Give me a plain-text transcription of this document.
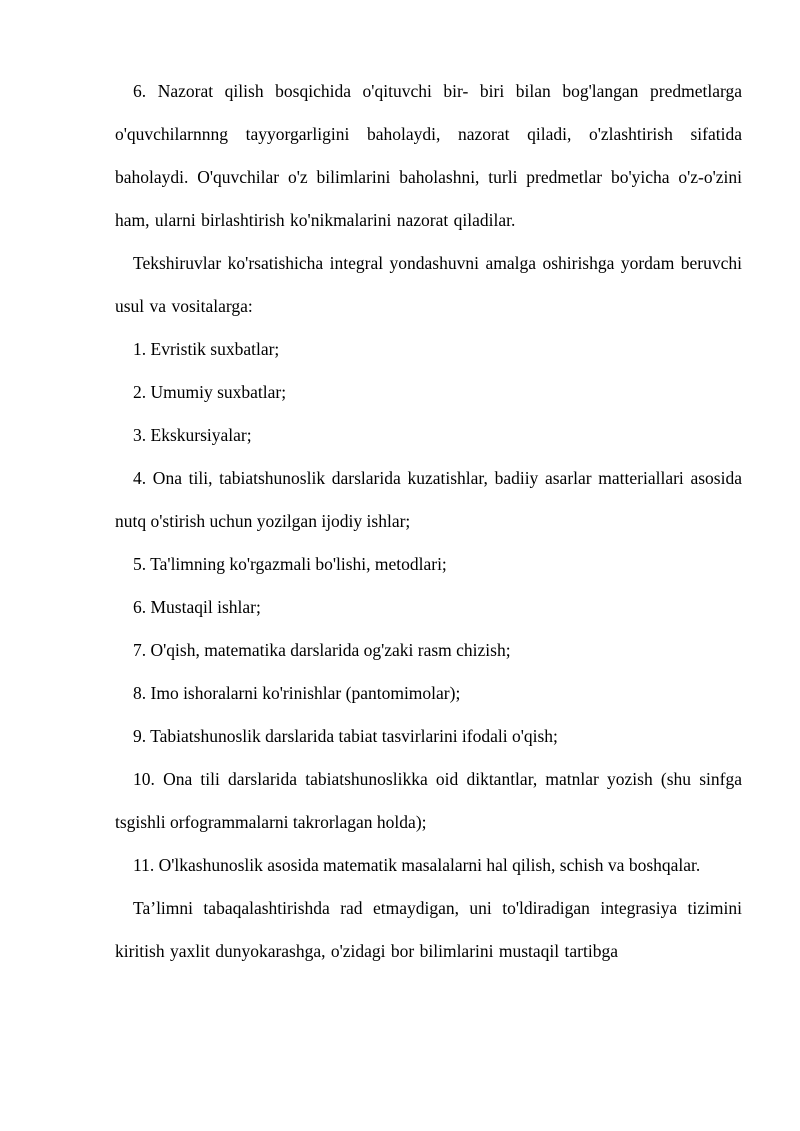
6. Nazorat qilish bosqichida o'qituvchi bir- biri bilan bog'langan predmetlarga o'quvchilarnnng tayyorgarligini baholaydi, nazorat qiladi, o'zlashtirish sifatida baholaydi. O'quvchilar o'z bilimlarini baholashni, turli predmetlar bo'yicha o'z-o'zini ham, ularni birlashtirish ko'nikmalarini nazorat qiladilar.

Tekshiruvlar ko'rsatishicha integral yondashuvni amalga oshirishga yordam beruvchi usul va vositalarga:

1. Evristik suxbatlar;

2. Umumiy suxbatlar;

3. Ekskursiyalar;

4. Ona tili, tabiatshunoslik darslarida kuzatishlar, badiiy asarlar matteriallari asosida nutq o'stirish uchun yozilgan ijodiy ishlar;

5. Ta'limning ko'rgazmali bo'lishi, metodlari;

6. Mustaqil ishlar;

7. O'qish, matematika darslarida og'zaki rasm chizish;

8. Imo ishoralarni ko'rinishlar (pantomimolar);

9. Tabiatshunoslik darslarida tabiat tasvirlarini ifodali o'qish;

10. Ona tili darslarida tabiatshunoslikka oid diktantlar, matnlar yozish (shu sinfga tsgishli orfogrammalarni takrorlagan holda);

11. O'lkashunoslik asosida matematik masalalarni hal qilish, schish va boshqalar.

Ta’limni tabaqalashtirishda rad etmaydigan, uni to'ldiradigan integrasiya tizimini kiritish yaxlit dunyokarashga, o'zidagi bor bilimlarini mustaqil tartibga
